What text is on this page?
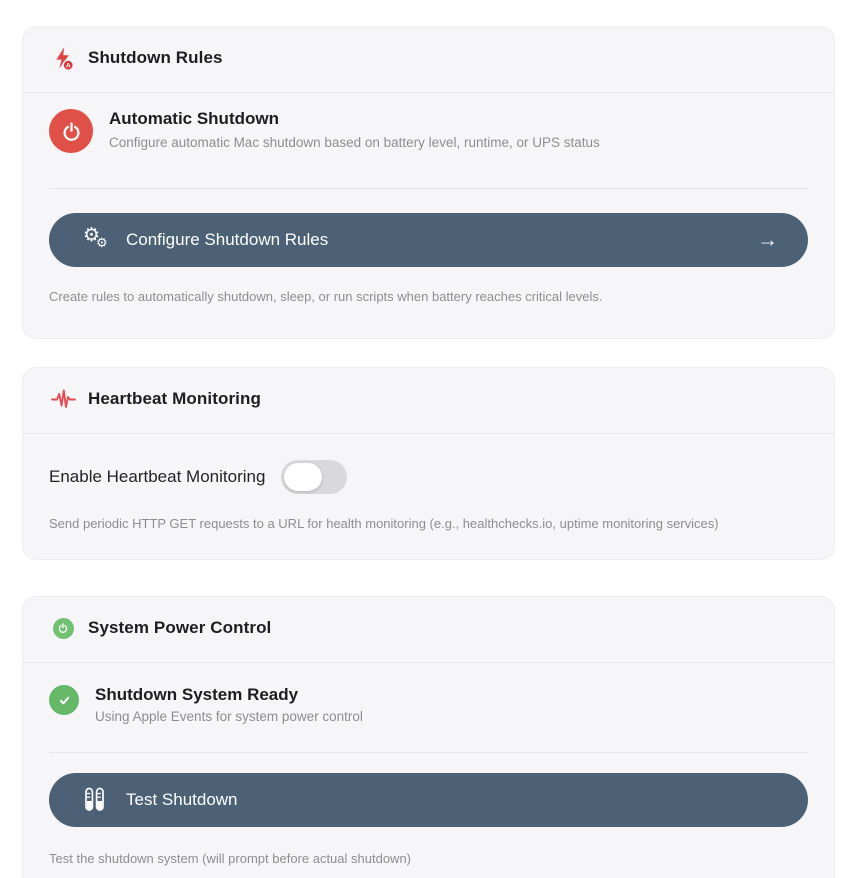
A Shutdown Rules
Automatic Shutdown
Configure automatic Mac shutdown based on battery level, runtime, or UPS status
⚙
⚙ Configure Shutdown Rules	→

Create rules to automatically shutdown, sleep, or run scripts when battery reaches critical levels.

Heartbeat Monitoring
Enable Heartbeat Monitoring

Send periodic HTTP GET requests to a URL for health monitoring (e.g., healthchecks.io, uptime monitoring services)

System Power Control
Shutdown System Ready
Using Apple Events for system power control
Test Shutdown

Test the shutdown system (will prompt before actual shutdown)
